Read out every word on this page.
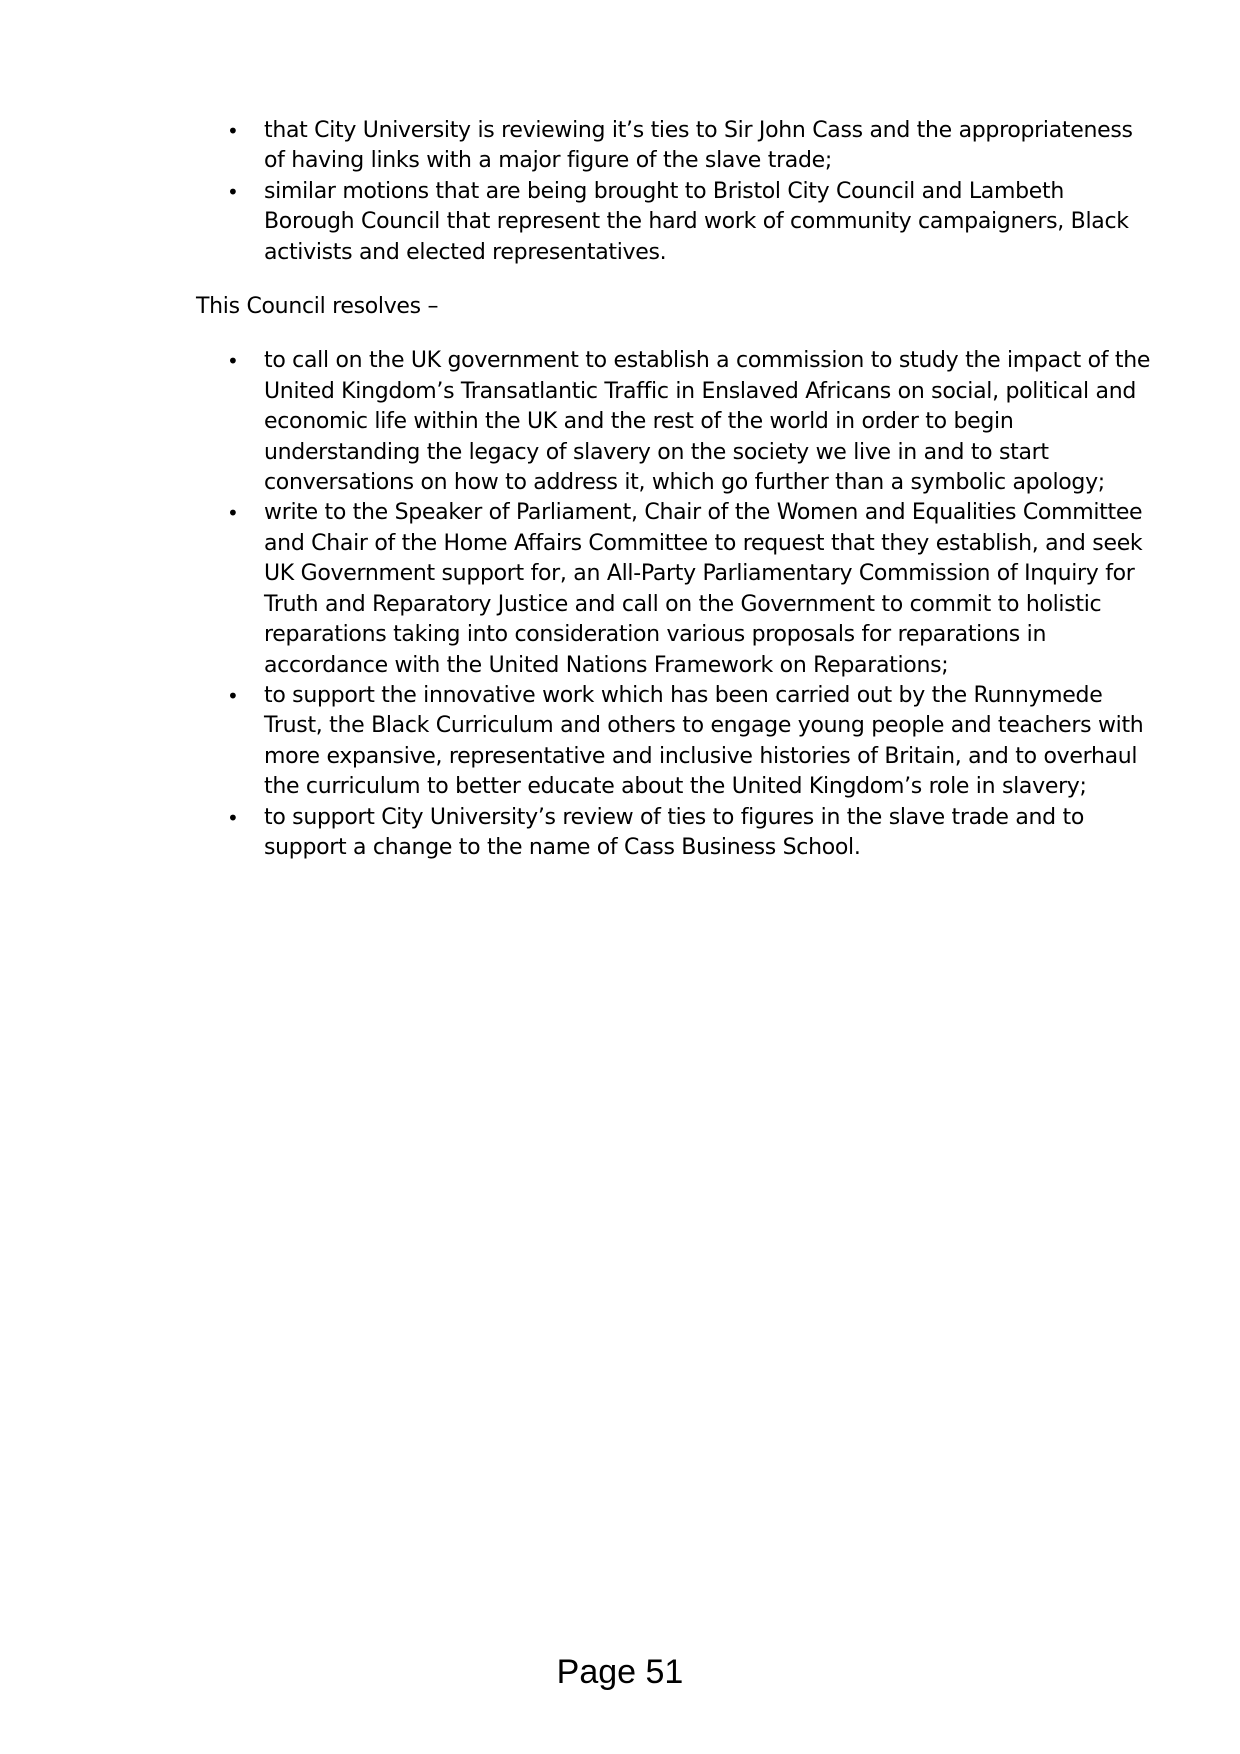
• that City University is reviewing it’s ties to Sir John Cass and the appropriateness of having links with a major figure of the slave trade;
• similar motions that are being brought to Bristol City Council and Lambeth Borough Council that represent the hard work of community campaigners, Black activists and elected representatives.

This Council resolves –

• to call on the UK government to establish a commission to study the impact of the United Kingdom’s Transatlantic Traffic in Enslaved Africans on social, political and economic life within the UK and the rest of the world in order to begin understanding the legacy of slavery on the society we live in and to start conversations on how to address it, which go further than a symbolic apology;
• write to the Speaker of Parliament, Chair of the Women and Equalities Committee and Chair of the Home Affairs Committee to request that they establish, and seek UK Government support for, an All-Party Parliamentary Commission of Inquiry for Truth and Reparatory Justice and call on the Government to commit to holistic reparations taking into consideration various proposals for reparations in accordance with the United Nations Framework on Reparations;
• to support the innovative work which has been carried out by the Runnymede Trust, the Black Curriculum and others to engage young people and teachers with more expansive, representative and inclusive histories of Britain, and to overhaul the curriculum to better educate about the United Kingdom’s role in slavery;
• to support City University’s review of ties to figures in the slave trade and to support a change to the name of Cass Business School.
Page 51
